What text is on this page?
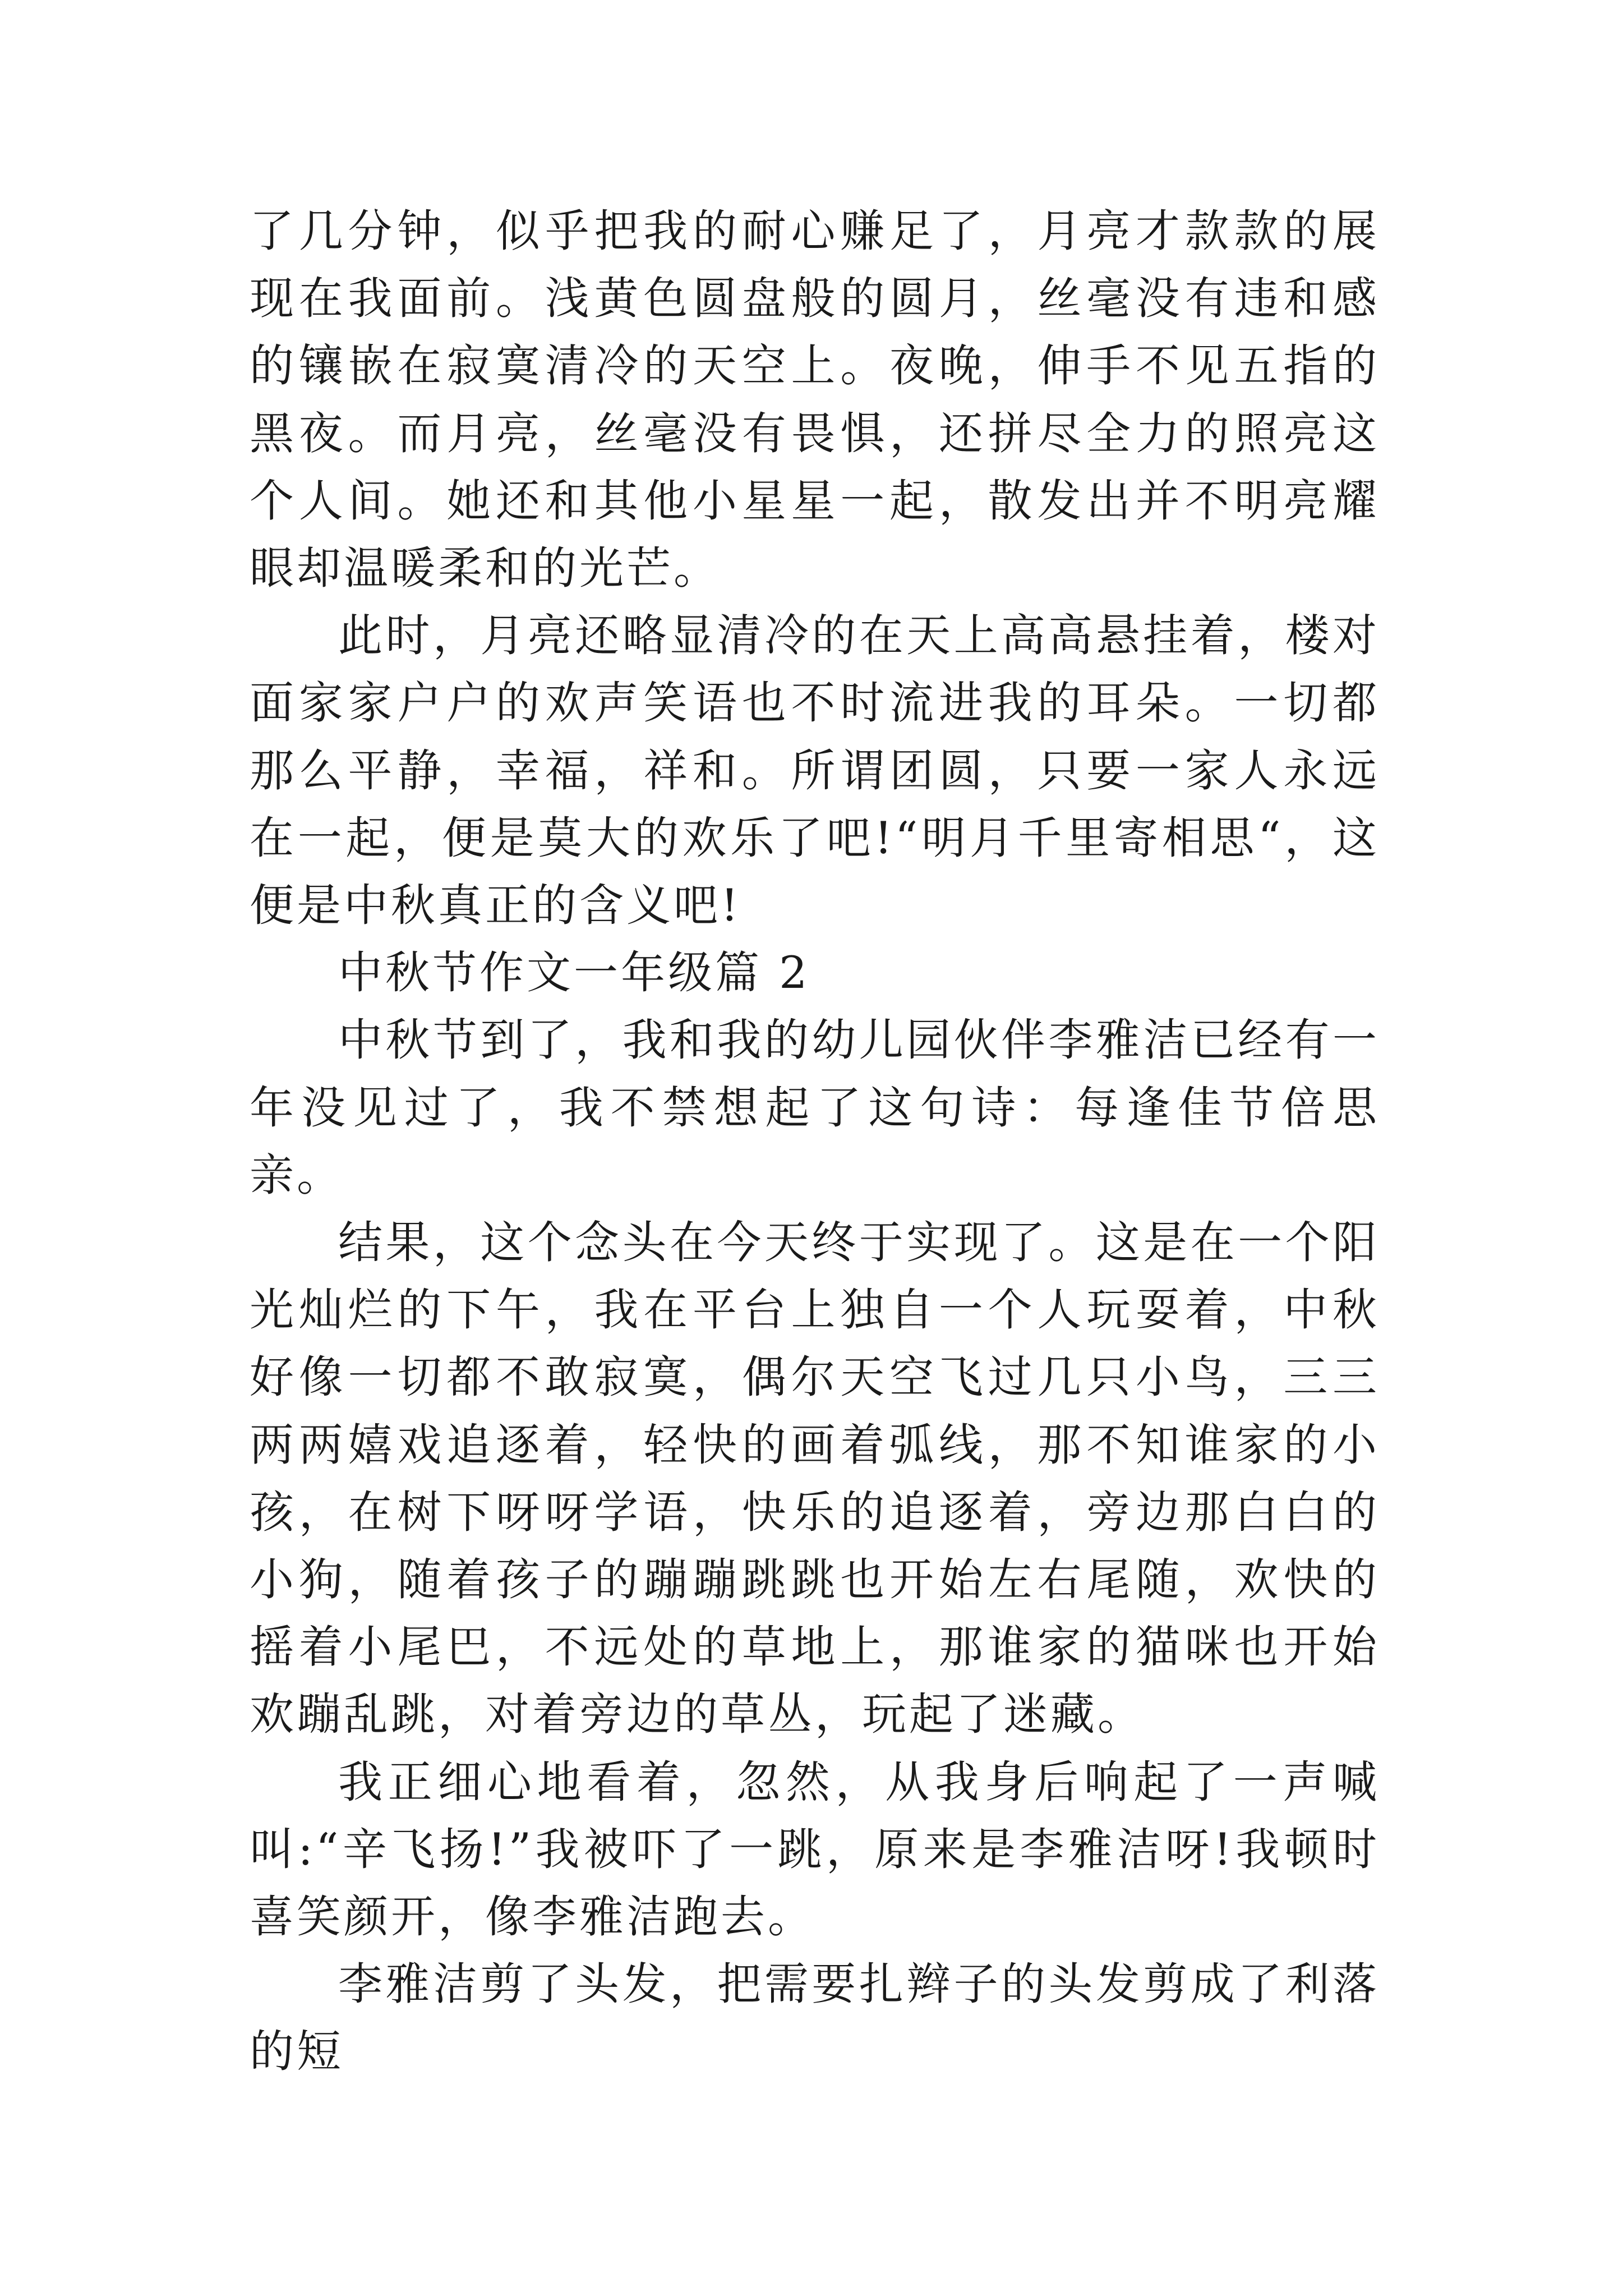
了几分钟，似乎把我的耐心赚足了，月亮才款款的展现在我面前。浅黄色圆盘般的圆月，丝毫没有违和感的镶嵌在寂寞清冷的天空上。夜晚，伸手不见五指的黑夜。而月亮，丝毫没有畏惧，还拼尽全力的照亮这个人间。她还和其他小星星一起，散发出并不明亮耀眼却温暖柔和的光芒。

此时，月亮还略显清冷的在天上高高悬挂着，楼对面家家户户的欢声笑语也不时流进我的耳朵。一切都那么平静，幸福，祥和。所谓团圆，只要一家人永远在一起，便是莫大的欢乐了吧!“明月千里寄相思“，这便是中秋真正的含义吧!

中秋节作文一年级篇 2

中秋节到了，我和我的幼儿园伙伴李雅洁已经有一年没见过了，我不禁想起了这句诗：每逢佳节倍思亲。

结果，这个念头在今天终于实现了。这是在一个阳光灿烂的下午，我在平台上独自一个人玩耍着，中秋好像一切都不敢寂寞，偶尔天空飞过几只小鸟，三三两两嬉戏追逐着，轻快的画着弧线，那不知谁家的小孩，在树下呀呀学语，快乐的追逐着，旁边那白白的小狗，随着孩子的蹦蹦跳跳也开始左右尾随，欢快的摇着小尾巴，不远处的草地上，那谁家的猫咪也开始欢蹦乱跳，对着旁边的草丛，玩起了迷藏。

我正细心地看着，忽然，从我身后响起了一声喊叫:“辛飞扬!”我被吓了一跳，原来是李雅洁呀!我顿时喜笑颜开，像李雅洁跑去。

李雅洁剪了头发，把需要扎辫子的头发剪成了利落的短
